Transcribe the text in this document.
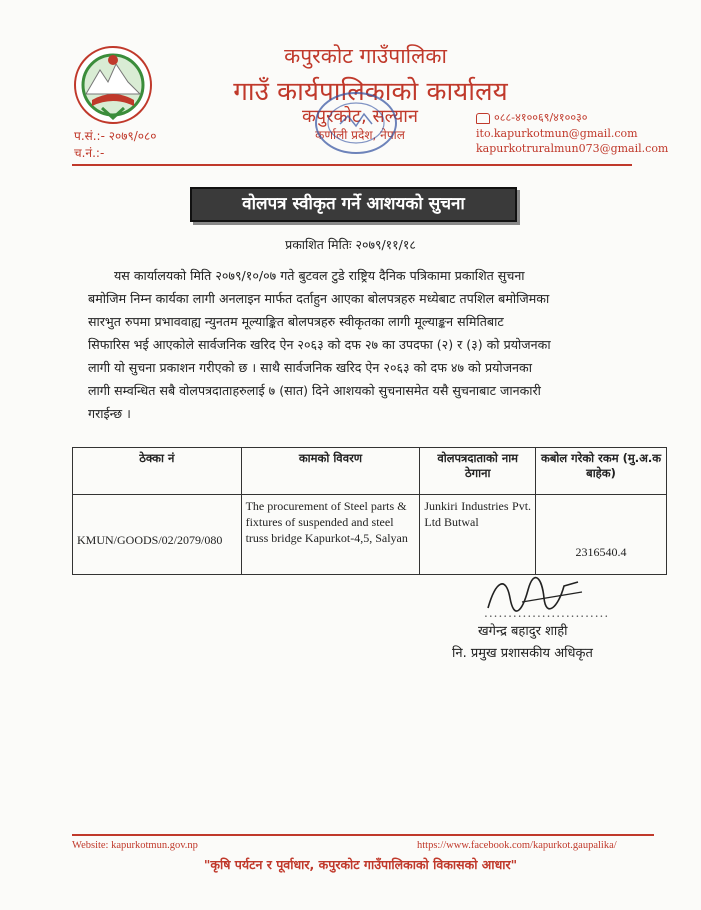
कपुरकोट गाउँपालिका
गाउँ कार्यपालिकाको कार्यालय
कपुरकोट, सल्यान
कर्णाली प्रदेश, नेपाल
प.सं.:- २०७९/०८०
च.नं.:-
०८८-४१००६९/४१००३०
ito.kapurkotmun@gmail.com
kapurkotruralmun073@gmail.com
वोलपत्र स्वीकृत गर्ने आशयको सुचना
प्रकाशित मितिः २०७९/११/१८
यस कार्यालयको मिति २०७९/१०/०७ गते बुटवल टुडे राष्ट्रिय दैनिक पत्रिकामा प्रकाशित सुचना
बमोजिम निम्न कार्यका लागी अनलाइन मार्फत दर्ताहुन आएका बोलपत्रहरु मध्येबाट तपशिल बमोजिमका
सारभुत रुपमा प्रभाववाह्य न्युनतम मूल्याङ्कित बोलपत्रहरु स्वीकृतका लागी मूल्याङ्कन समितिबाट
सिफारिस भई आएकोले सार्वजनिक खरिद ऐन २०६३ को दफ २७ का उपदफा (२) र (३) को प्रयोजनका
लागी यो सुचना प्रकाशन गरीएको छ । साथै सार्वजनिक खरिद ऐन २०६३ को दफ ४७ को प्रयोजनका
लागी सम्वन्धित सबै वोलपत्रदाताहरुलाई ७ (सात) दिने आशयको सुचनासमेत यसै सुचनाबाट जानकारी
गराईन्छ ।
ठेक्का नं	कामको विवरण	वोलपत्रदाताको नाम ठेगाना	कबोल गरेको रकम (मु.अ.क बाहेक)
KMUN/GOODS/02/2079/080	The procurement of Steel parts & fixtures of suspended and steel truss bridge Kapurkot-4,5, Salyan	Junkiri Industries Pvt. Ltd Butwal	2316540.4
..........................
खगेन्द्र बहादुर शाही
नि. प्रमुख प्रशासकीय अधिकृत
Website: kapurkotmun.gov.np	https://www.facebook.com/kapurkot.gaupalika/
"कृषि पर्यटन र पूर्वाधार, कपुरकोट गाउँपालिकाको विकासको आधार"
